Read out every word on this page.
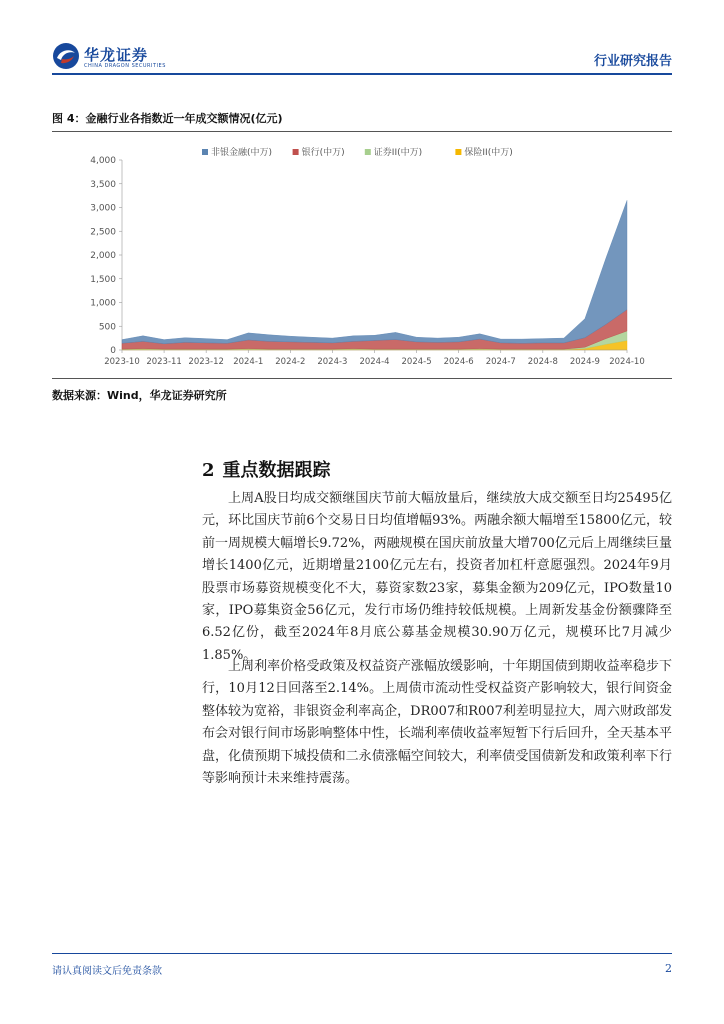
华龙证券
CHINA DRAGON SECURITIES	行业研究报告
图 4：金融行业各指数近一年成交额情况(亿元)
非银金融(中万)	银行(中万)	证券II(中万)	保险II(中万)
0
500
1,000
1,500
2,000
2,500
3,000
3,500
4,000
2023-10 2023-11 2023-12 2024-1 2024-2 2024-3 2024-4 2024-5 2024-6 2024-7 2024-8 2024-9 2024-10
数据来源：Wind，华龙证券研究所
2 重点数据跟踪

上周A股日均成交额继国庆节前大幅放量后，继续放大成交额至日均25495亿元，环比国庆节前6个交易日日均值增幅93%。两融余额大幅增至15800亿元，较前一周规模大幅增长9.72%，两融规模在国庆前放量大增700亿元后上周继续巨量增长1400亿元，近期增量2100亿元左右，投资者加杠杆意愿强烈。2024年9月股票市场募资规模变化不大，募资家数23家，募集金额为209亿元，IPO数量10家，IPO募集资金56亿元，发行市场仍维持较低规模。上周新发基金份额骤降至6.52亿份，截至2024年8月底公募基金规模30.90万亿元，规模环比7月减少1.85%。

上周利率价格受政策及权益资产涨幅放缓影响，十年期国债到期收益率稳步下行，10月12日回落至2.14%。上周债市流动性受权益资产影响较大，银行间资金整体较为宽裕，非银资金利率高企，DR007和R007利差明显拉大，周六财政部发布会对银行间市场影响整体中性，长端利率债收益率短暂下行后回升，全天基本平盘，化债预期下城投债和二永债涨幅空间较大，利率债受国债新发和政策利率下行等影响预计未来维持震荡。

请认真阅读文后免责条款	2
